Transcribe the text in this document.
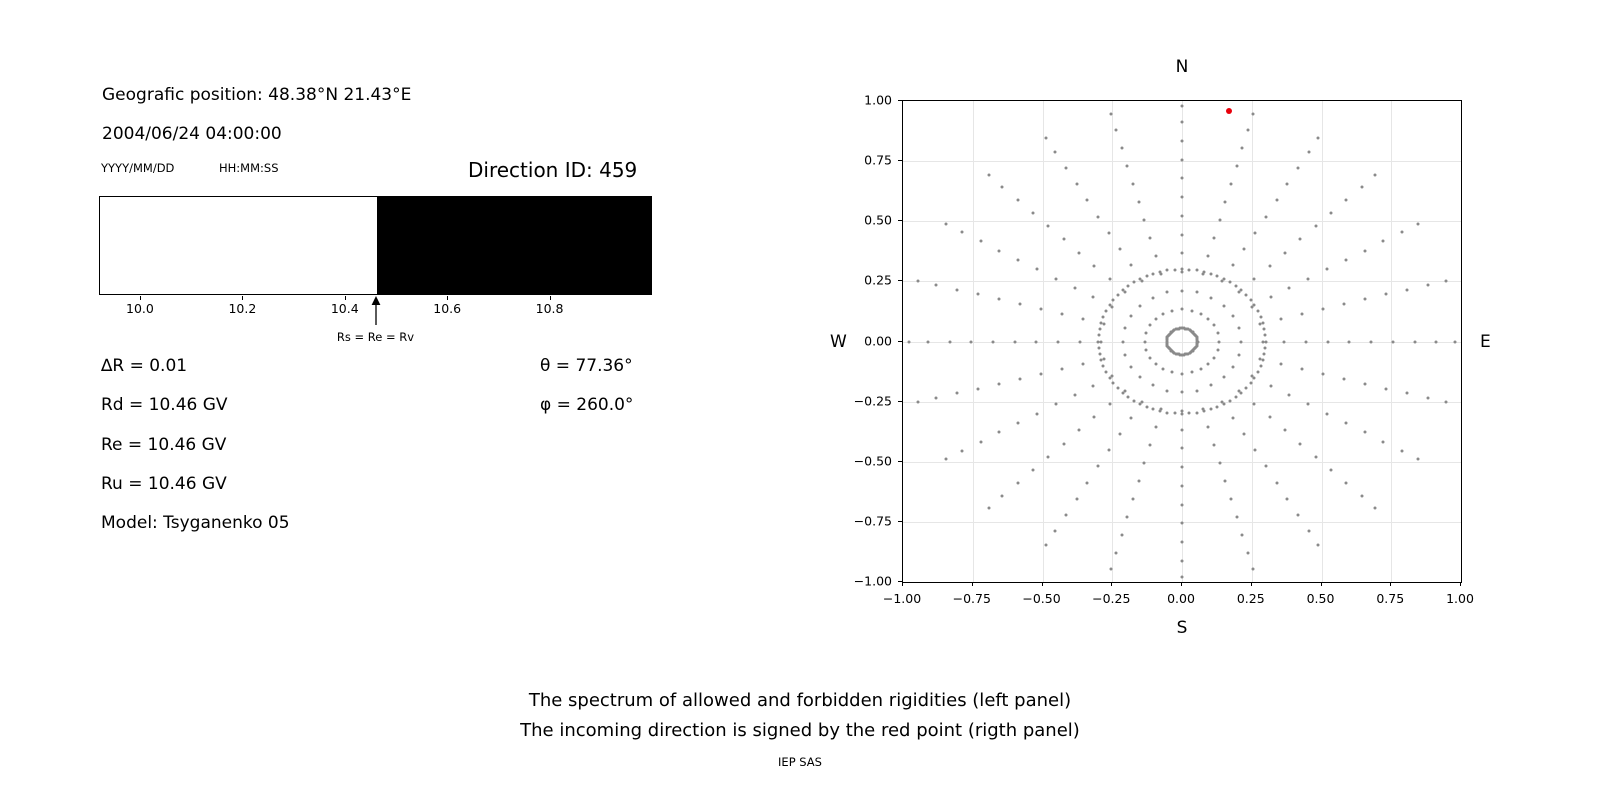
Geografic position: 48.38°N 21.43°E
2004/06/24 04:00:00
YYYY/MM/DD	HH:MM:SS	Direction ID: 459
10.0	10.2	10.4	10.6	10.8
Rs = Re = Rv
∆R = 0.01
Rd = 10.46 GV
Re = 10.46 GV
Ru = 10.46 GV
Model: Tsyganenko 05
θ = 77.36°
φ = 260.0°
N
S
W	E
−1.00
−0.75
−0.50
−0.25
0.00
0.25
0.50
0.75
1.00
−1.00	−0.75	−0.50	−0.25	0.00	0.25	0.50	0.75	1.00
The spectrum of allowed and forbidden rigidities (left panel)
The incoming direction is signed by the red point (rigth panel)
IEP SAS
